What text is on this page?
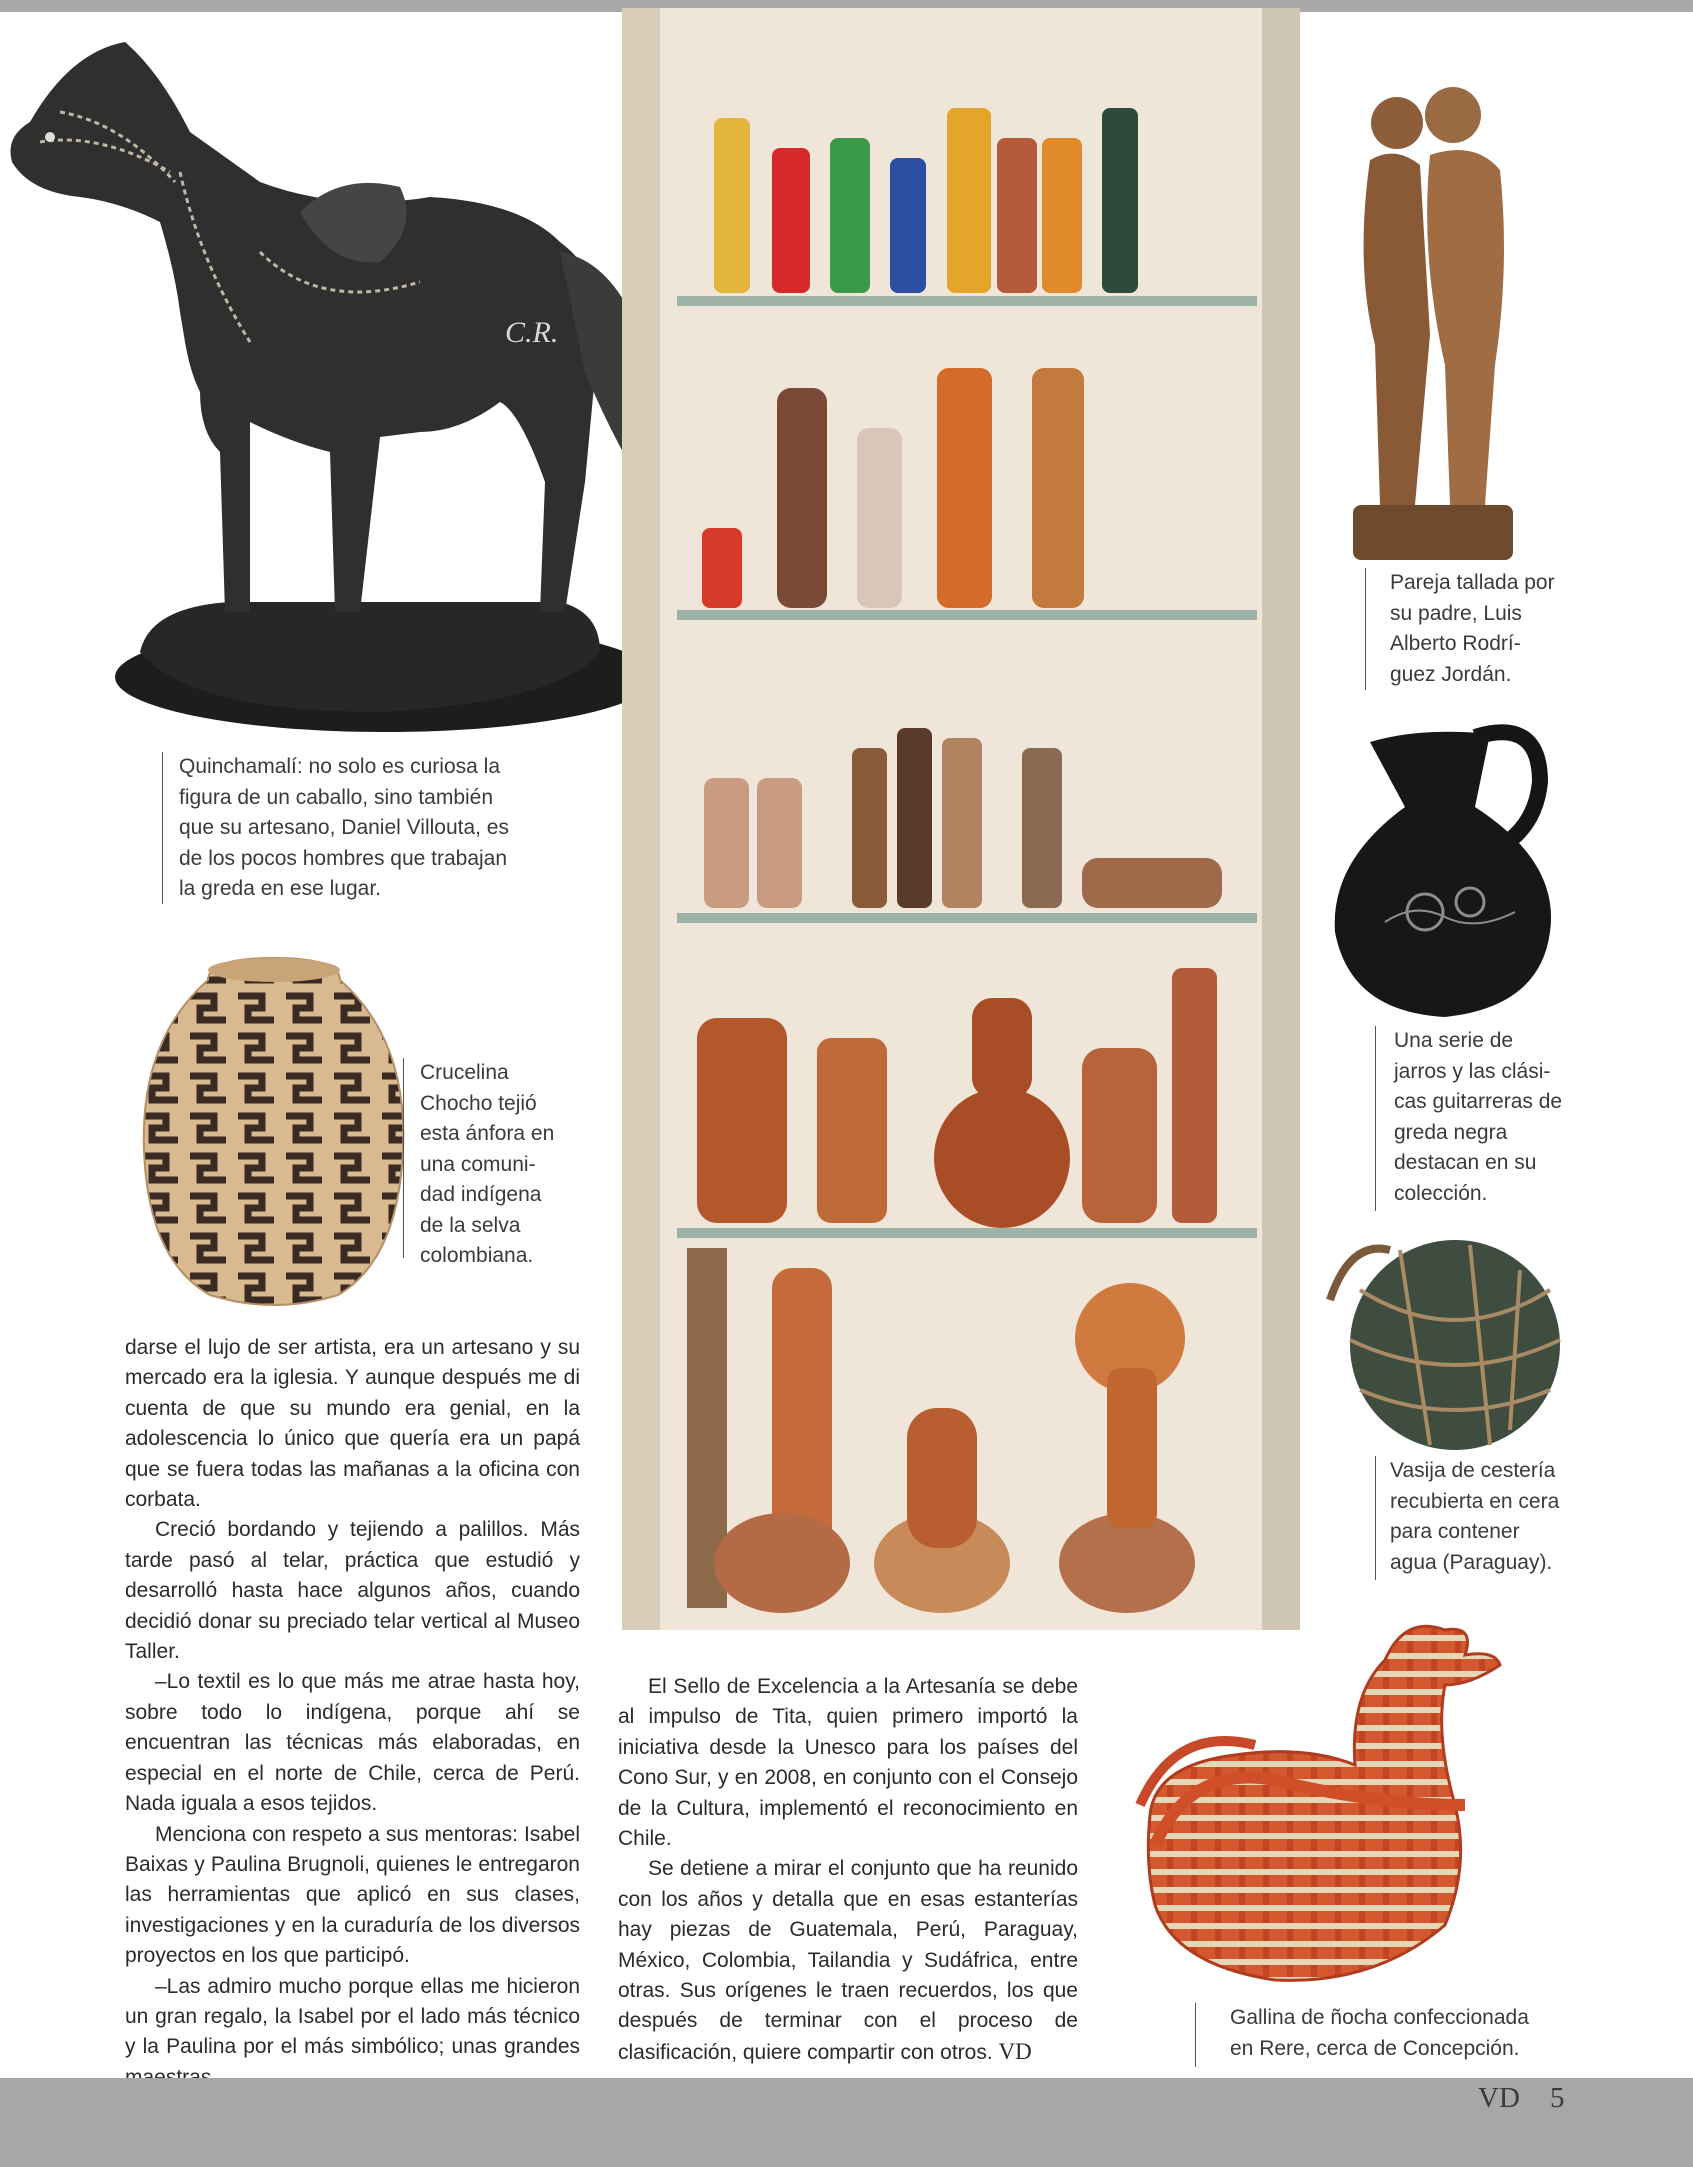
C.R.
Quinchamalí: no solo es curiosa la
figura de un caballo, sino también
que su artesano, Daniel Villouta, es
de los pocos hombres que trabajan
la greda en ese lugar.
Crucelina
Chocho tejió
esta ánfora en
una comuni-
dad indígena
de la selva
colombiana.
Pareja tallada por
su padre, Luis
Alberto Rodrí-
guez Jordán.
Una serie de
jarros y las clási-
cas guitarreras de
greda negra
destacan en su
colección.
Vasija de cestería
recubierta en cera
para contener
agua (Paraguay).
Gallina de ñocha confeccionada
en Rere, cerca de Concepción.

darse el lujo de ser artista, era un artesano y su mercado era la iglesia. Y aunque después me di cuenta de que su mundo era genial, en la adolescencia lo único que quería era un papá que se fuera todas las mañanas a la oficina con corbata.

Creció bordando y tejiendo a palillos. Más tarde pasó al telar, práctica que estudió y desarrolló hasta hace algunos años, cuando decidió donar su preciado telar vertical al Museo Taller.

–Lo textil es lo que más me atrae hasta hoy, sobre todo lo indígena, porque ahí se encuentran las técnicas más elaboradas, en especial en el norte de Chile, cerca de Perú. Nada iguala a esos tejidos.

Menciona con respeto a sus mentoras: Isabel Baixas y Paulina Brugnoli, quienes le entregaron las herramientas que aplicó en sus clases, investigaciones y en la curaduría de los diversos proyectos en los que participó.

–Las admiro mucho porque ellas me hicieron un gran regalo, la Isabel por el lado más técnico y la Paulina por el más simbólico; unas grandes

El Sello de Excelencia a la Artesanía se debe al impulso de Tita, quien primero importó la iniciativa desde la Unesco para los países del Cono Sur, y en 2008, en conjunto con el Consejo de la Cultura, implementó el reconocimiento en Chile.

Se detiene a mirar el conjunto que ha reunido con los años y detalla que en esas estanterías hay piezas de Guatemala, Perú, Paraguay, México, Colombia, Tailandia y Sudáfrica, entre otras. Sus orígenes le traen recuerdos, los que después de terminar con el proceso de clasificación, quiere compartir con otros. VD

VD 5
